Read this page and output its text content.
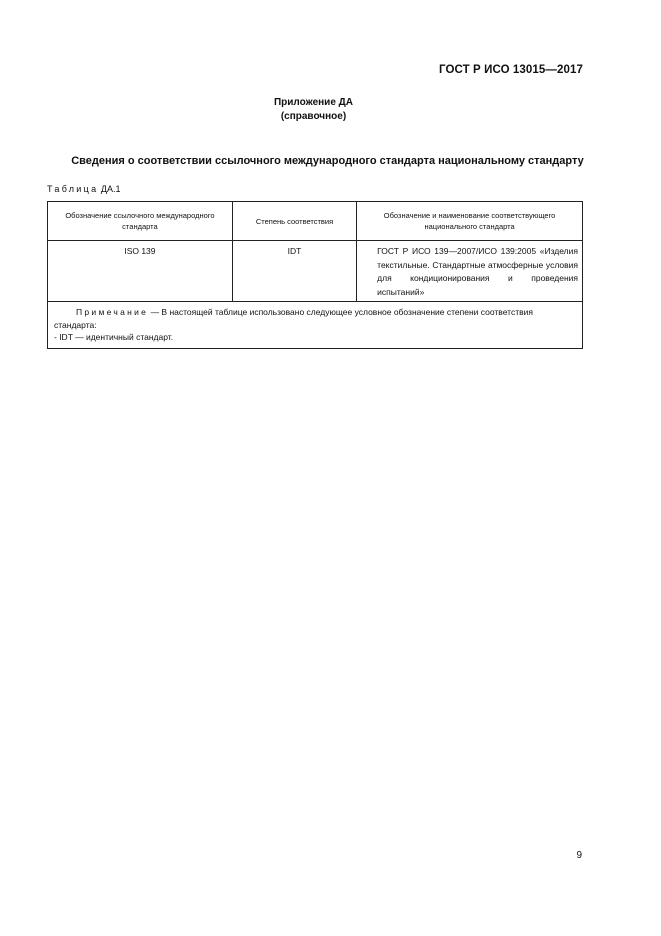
ГОСТ Р ИСО 13015—2017
Приложение ДА
(справочное)
Сведения о соответствии ссылочного международного стандарта национальному стандарту
Таблица ДА.1
Обозначение ссылочного международного стандарта	Степень соответствия	Обозначение и наименование соответствующего национального стандарта
ISO 139	IDT	ГОСТ Р ИСО 139—2007/ИСО 139:2005 «Изделия текстильные. Стандартные атмосферные условия для кондиционирования и проведения испытаний»

Примечание — В настоящей таблице использовано следующее условное обозначение степени соответствия стандарта:
- IDT — идентичный стандарт.		
9
